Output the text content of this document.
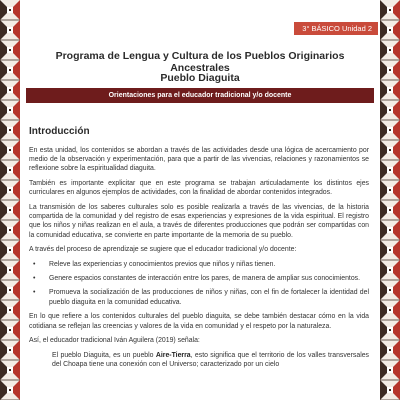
3° BÁSICO Unidad 2
Programa de Lengua y Cultura de los Pueblos Originarios Ancestrales
Pueblo Diaguita
Orientaciones para el educador tradicional y/o docente
Introducción

En esta unidad, los contenidos se abordan a través de las actividades desde una lógica de acercamiento por medio de la observación y experimentación, para que a partir de las vivencias, relaciones y razonamientos se reflexione sobre la espiritualidad diaguita.

También es importante explicitar que en este programa se trabajan articuladamente los distintos ejes curriculares en algunos ejemplos de actividades, con la finalidad de abordar contenidos integrados.

La transmisión de los saberes culturales solo es posible realizarla a través de las vivencias, de la historia compartida de la comunidad y del registro de esas experiencias y expresiones de la vida espiritual. El registro que los niños y niñas realizan en el aula, a través de diferentes producciones que podrán ser compartidas con la comunidad educativa, se convierte en parte importante de la memoria de su pueblo.

A través del proceso de aprendizaje se sugiere que el educador tradicional y/o docente:

• Releve las experiencias y conocimientos previos que niños y niñas tienen.
• Genere espacios constantes de interacción entre los pares, de manera de ampliar sus conocimientos.
• Promueva la socialización de las producciones de niños y niñas, con el fin de fortalecer la identidad del pueblo diaguita en la comunidad educativa.

En lo que refiere a los contenidos culturales del pueblo diaguita, se debe también destacar cómo en la vida cotidiana se reflejan las creencias y valores de la vida en comunidad y el respeto por la naturaleza.

Así, el educador tradicional Iván Aguilera (2019) señala:

El pueblo Diaguita, es un pueblo Aire-Tierra, esto significa que el territorio de los valles transversales del Choapa tiene una conexión con el Universo; caracterizado por un cielo
